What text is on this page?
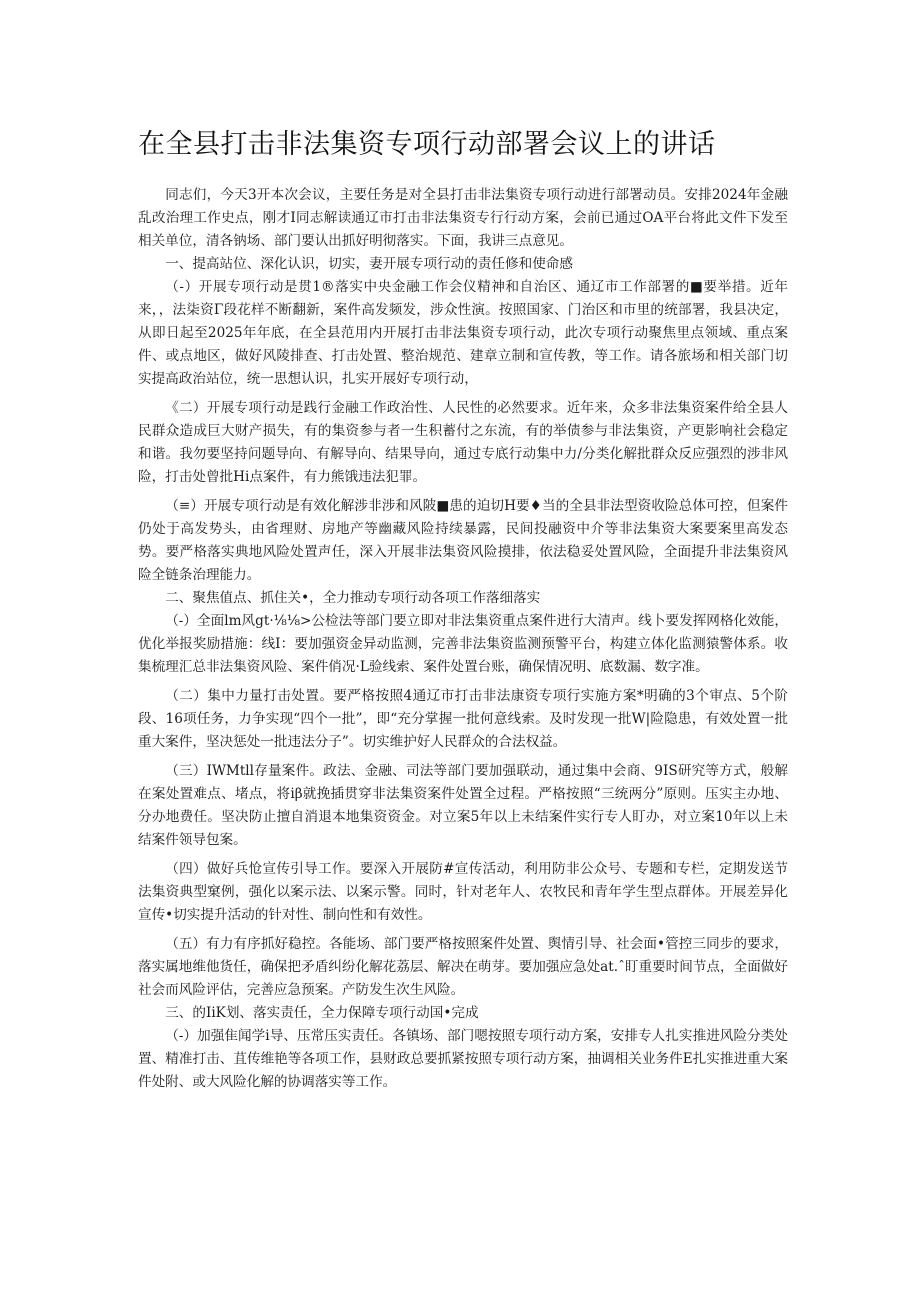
在全县打击非法集资专项行动部署会议上的讲话

同志们，今天3开本次会议，主要任务是对全县打击非法集资专项行动进行部署动员。安排2024年金融乱改治理工作史点，刚才I同志解读通辽市打击非法集资专行行动方案，会前已通过OA平台将此文件下发至相关单位，清各钠场、部门要认出抓好明彻落实。下面，我讲三点意见。

一、提高站位、深化认识，切实，妻开展专项行动的责任修和使命感

（-）开展专项行动是贯1®落实中央金融工作会仪精神和自治区、通辽市工作部署的■要举措。近年来，，法柒资Γ段花样不断翻新，案件高发频发，涉众性演。按照国家、门治区和市里的统部署，我县决定，从即日起至2025年年底，在全县范用内开展打击非法集资专项行动，此次专项行动聚焦里点领域、重点案件、或点地区，做好风陵排查、打击处置、整治规范、建章立制和宣传教，等工作。请各旅场和相关部门切实提高政治站位，统一思想认识，扎实开展好专项行动，

《二）开展专项行动是践行金融工作政治性、人民性的必然要求。近年来，众多非法集资案件给全县人民群众造成巨大财产损失，有的集资参与者一生积蓄付之东流，有的举债参与非法集资，产更影响社会稳定和谐。我勿要坚持问题导向、有解导向、结果导向，通过专底行动集中力/分类化解批群众反应强烈的涉非风险，打击处曾批Hi点案件，有力熊饿违法犯罪。

（≡）开展专项行动是有效化解涉非涉和风陂■患的迫切H要♦当的全县非法型资收险总体可控，但案件仍处于高发势头，由省理财、房地产等幽藏风险持续暴露，民间投融资中介等非法集资大案要案里高发态势。要严格落实典地风险处置声任，深入开展非法集资风险摸排，依法稳妥处置风险，全面提升非法集资风险全链条治理能力。

二、聚焦值点、抓住关•，全力推动专项行动各项工作落细落实

（-）全面lm风gt·⅛⅛>公检法等部门要立即对非法集资重点案件进行大清声。线卜要发挥网格化效能，优化举报奖励措施：线I：要加强资金异动监测，完善非法集资监测预警平台，构建立体化监测猿警体系。收集梳理汇总非法集资风险、案件俏况·L验线索、案件处置台账，确保情况明、底数漏、数字准。

（二）集中力量打击处置。要严格按照4通辽市打击非法康资专项行实施方案*明确的3个审点、5个阶段、16项任务，力争实现“四个一批”，即“充分掌握一批何意线索。及时发现一批W|险隐患，有效处置一批重大案件，坚决惩处一批违法分子”。切实维护好人民群众的合法权益。

（三）IWMtll存量案件。政法、金融、司法等部门要加强联动，通过集中会商、9IS研究等方式，般解在案处置难点、堵点，将iβ就挽插贯穿非法集资案件处置全过程。严格按照“三统两分”原则。压实主办地、分办地费任。坚决防止擅自消退本地集资资金。对立案5年以上未结案件实行专人盯办，对立案10年以上未结案件领导包案。

（四）做好兵怆宣传引导工作。要深入开展防#宣传活动，利用防非公众号、专题和专栏，定期发送节法集资典型窠例，强化以案示法、以案示警。同时，针对老年人、农牧民和青年学生型点群体。开展差异化宣传•切实提升活动的针对性、制向性和有效性。

（五）有力有序抓好稳控。各能场、部门要严格按照案件处置、舆情引导、社会面•管控三同步的要求，落实属地维他货任，确保把矛盾纠纷化解花荔层、解决在萌芽。要加强应急处at.ˆ盯重要时间节点，全面做好社会而风险评估，完善应急预案。产防发生次生风险。

三、的IiK划、落实责任，全力保障专项行动国•完成

（-）加强隹闻学i导、压常压实责任。各镇场、部门嗯按照专项行动方案，安排专人扎实推进风险分类处置、精准打击、苴传维艳等各项工作，县财政总要抓紧按照专项行动方案，抽调相关业务件E扎实推进重大案件处附、或大风险化解的协调落实等工作。
